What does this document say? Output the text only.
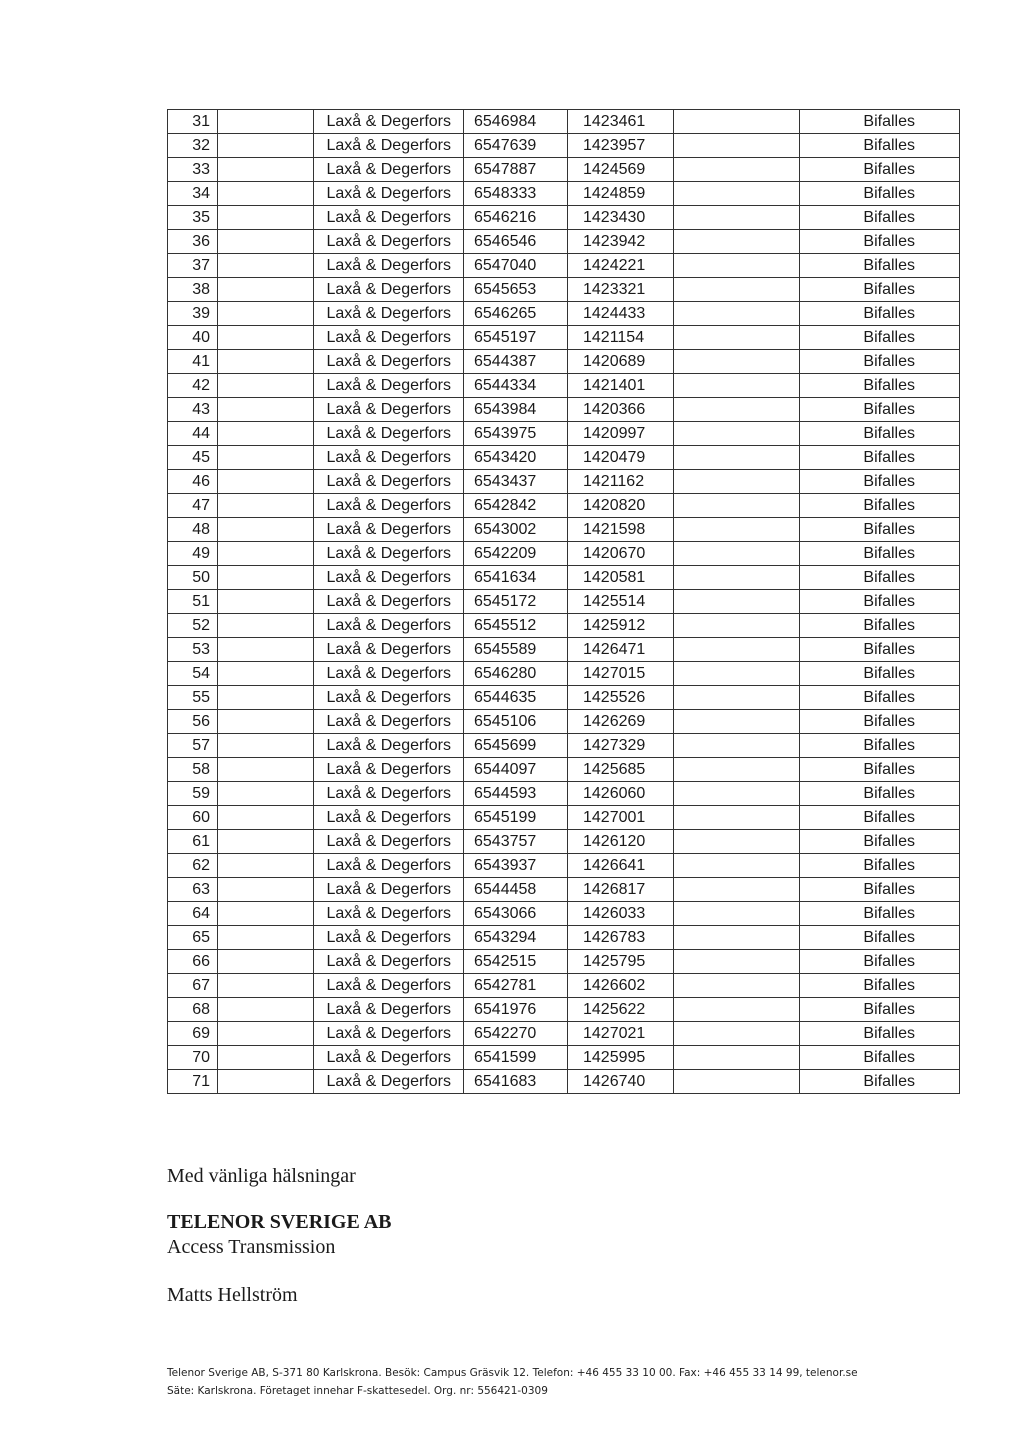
31		Laxå & Degerfors	6546984	1423461		Bifalles
32		Laxå & Degerfors	6547639	1423957		Bifalles
33		Laxå & Degerfors	6547887	1424569		Bifalles
34		Laxå & Degerfors	6548333	1424859		Bifalles
35		Laxå & Degerfors	6546216	1423430		Bifalles
36		Laxå & Degerfors	6546546	1423942		Bifalles
37		Laxå & Degerfors	6547040	1424221		Bifalles
38		Laxå & Degerfors	6545653	1423321		Bifalles
39		Laxå & Degerfors	6546265	1424433		Bifalles
40		Laxå & Degerfors	6545197	1421154		Bifalles
41		Laxå & Degerfors	6544387	1420689		Bifalles
42		Laxå & Degerfors	6544334	1421401		Bifalles
43		Laxå & Degerfors	6543984	1420366		Bifalles
44		Laxå & Degerfors	6543975	1420997		Bifalles
45		Laxå & Degerfors	6543420	1420479		Bifalles
46		Laxå & Degerfors	6543437	1421162		Bifalles
47		Laxå & Degerfors	6542842	1420820		Bifalles
48		Laxå & Degerfors	6543002	1421598		Bifalles
49		Laxå & Degerfors	6542209	1420670		Bifalles
50		Laxå & Degerfors	6541634	1420581		Bifalles
51		Laxå & Degerfors	6545172	1425514		Bifalles
52		Laxå & Degerfors	6545512	1425912		Bifalles
53		Laxå & Degerfors	6545589	1426471		Bifalles
54		Laxå & Degerfors	6546280	1427015		Bifalles
55		Laxå & Degerfors	6544635	1425526		Bifalles
56		Laxå & Degerfors	6545106	1426269		Bifalles
57		Laxå & Degerfors	6545699	1427329		Bifalles
58		Laxå & Degerfors	6544097	1425685		Bifalles
59		Laxå & Degerfors	6544593	1426060		Bifalles
60		Laxå & Degerfors	6545199	1427001		Bifalles
61		Laxå & Degerfors	6543757	1426120		Bifalles
62		Laxå & Degerfors	6543937	1426641		Bifalles
63		Laxå & Degerfors	6544458	1426817		Bifalles
64		Laxå & Degerfors	6543066	1426033		Bifalles
65		Laxå & Degerfors	6543294	1426783		Bifalles
66		Laxå & Degerfors	6542515	1425795		Bifalles
67		Laxå & Degerfors	6542781	1426602		Bifalles
68		Laxå & Degerfors	6541976	1425622		Bifalles
69		Laxå & Degerfors	6542270	1427021		Bifalles
70		Laxå & Degerfors	6541599	1425995		Bifalles
71		Laxå & Degerfors	6541683	1426740		Bifalles

Med vänliga hälsningar

TELENOR SVERIGE AB

Access Transmission

Matts Hellström

Telenor Sverige AB, S-371 80 Karlskrona. Besök: Campus Gräsvik 12. Telefon: +46 455 33 10 00. Fax: +46 455 33 14 99, telenor.se

Säte: Karlskrona. Företaget innehar F-skattesedel. Org. nr: 556421-0309
